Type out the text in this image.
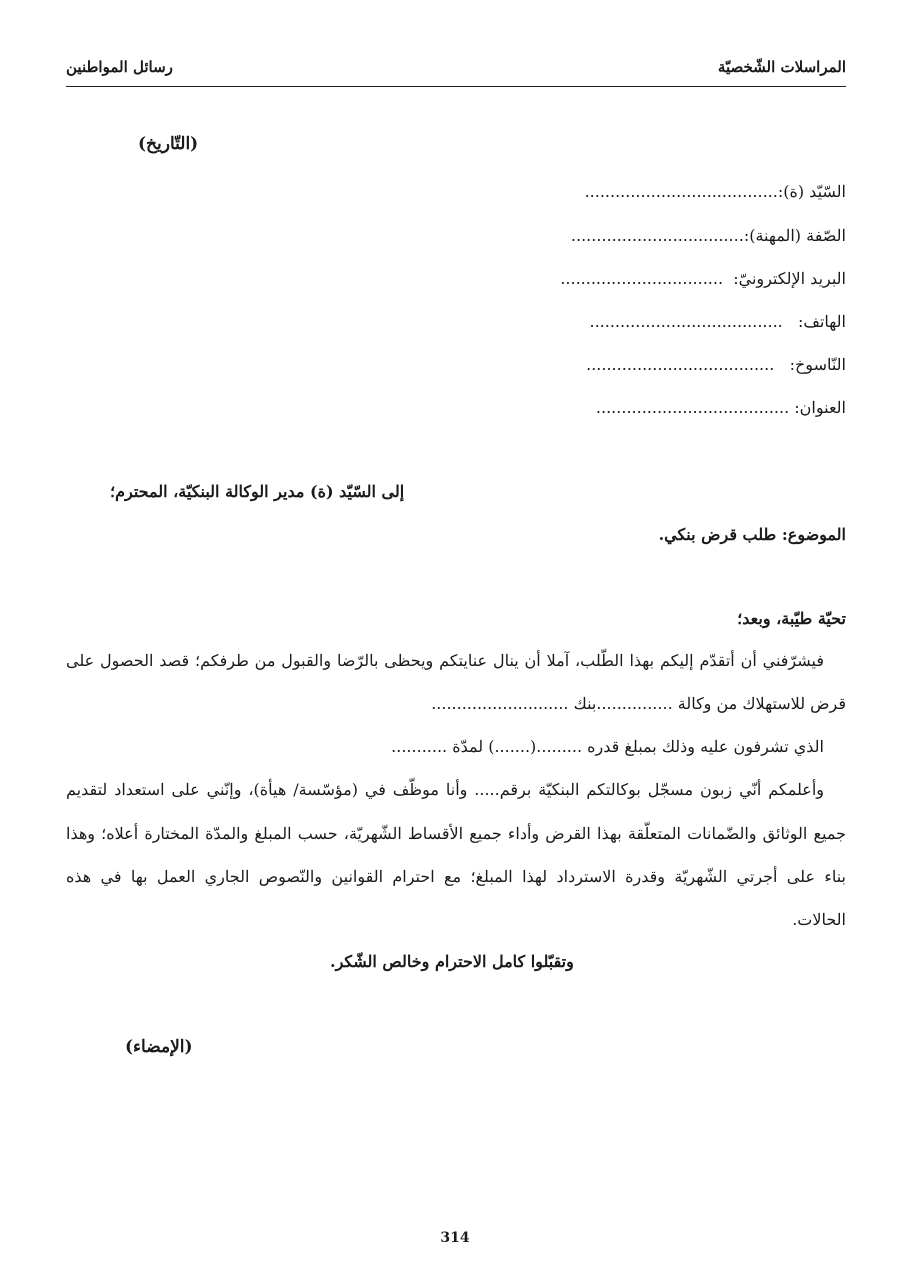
المراسلات الشّخصيّة
رسائل المواطنين
(التّاريخ)
السّيّد (ة):......................................
الصّفة (المهنة):..................................
البريد الإلكترونيّ:  ................................
الهاتف:   ......................................
النّاسوخ:   .....................................
العنوان: ......................................
إلى السّيّد (ة) مدير الوكالة البنكيّة، المحترم؛
الموضوع: طلب قرض بنكي.
تحيّة طيّبة، وبعد؛
فيشرّفني أن أتقدّم إليكم بهذا الطّلب، آملا أن ينال عنايتكم ويحظى بالرّضا والقبول من طرفكم؛ قصد الحصول على
قرض للاستهلاك من وكالة ...............بنك ...........................
الذي تشرفون عليه وذلك بمبلغ قدره .........(.......) لمدّة ...........
وأعلمكم أنّي زبون مسجّل بوكالتكم البنكيّة برقم..... وأنا موظّف في (مؤسّسة/ هيأة)، وإنّني على استعداد لتقديم
جميع الوثائق والضّمانات المتعلّقة بهذا القرض وأداء جميع الأقساط الشّهريّة، حسب المبلغ والمدّة المختارة أعلاه؛ وهذا
بناء على أجرتي الشّهريّة وقدرة الاسترداد لهذا المبلغ؛ مع احترام القوانين والنّصوص الجاري العمل بها في هذه
الحالات.
وتقبّلوا كامل الاحترام وخالص الشّكر.
(الإمضاء)
314
